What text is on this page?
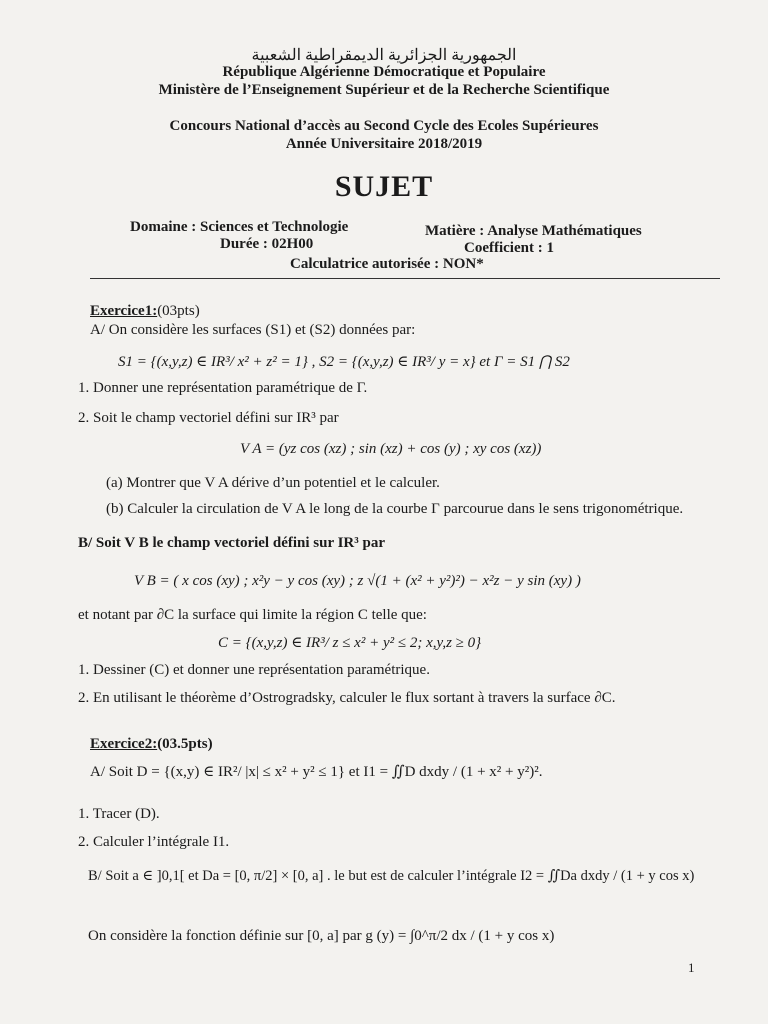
الجمهورية الجزائرية الديمقراطية الشعبية
République Algérienne Démocratique et Populaire
Ministère de l’Enseignement Supérieur et de la Recherche Scientifique
Concours National d’accès au Second Cycle des Ecoles Supérieures
Année Universitaire 2018/2019
SUJET
Domaine : Sciences et Technologie	Matière : Analyse Mathématiques
Durée : 02H00	Coefficient : 1
Calculatrice autorisée : NON*
Exercice1:(03pts)
A/ On considère les surfaces (S1) et (S2) données par:
S1 = {(x,y,z) ∈ IR³/ x² + z² = 1} , S2 = {(x,y,z) ∈ IR³/ y = x} et Γ = S1 ⋂ S2
1. Donner une représentation paramétrique de Γ.
2. Soit le champ vectoriel défini sur IR³ par
V A = (yz cos (xz) ; sin (xz) + cos (y) ; xy cos (xz))
(a) Montrer que V A dérive d’un potentiel et le calculer.
(b) Calculer la circulation de V A le long de la courbe Γ parcourue dans le sens trigonométrique.
B/ Soit V B le champ vectoriel défini sur IR³ par
V B = ( x cos (xy) ; x²y − y cos (xy) ; z √(1 + (x² + y²)²) − x²z − y sin (xy) )
et notant par ∂C la surface qui limite la région C telle que:
C = {(x,y,z) ∈ IR³/ z ≤ x² + y² ≤ 2; x,y,z ≥ 0}
1. Dessiner (C) et donner une représentation paramétrique.
2. En utilisant le théorème d’Ostrogradsky, calculer le flux sortant à travers la surface ∂C.
Exercice2:(03.5pts)
A/ Soit D = {(x,y) ∈ IR²/ |x| ≤ x² + y² ≤ 1} et I1 = ∬D dxdy / (1 + x² + y²)².
1. Tracer (D).
2. Calculer l’intégrale I1.
B/ Soit a ∈ ]0,1[ et Da = [0, π/2] × [0, a] . le but est de calculer l’intégrale I2 = ∬Da dxdy / (1 + y cos x)
On considère la fonction définie sur [0, a] par g (y) = ∫0^π/2 dx / (1 + y cos x)
1
